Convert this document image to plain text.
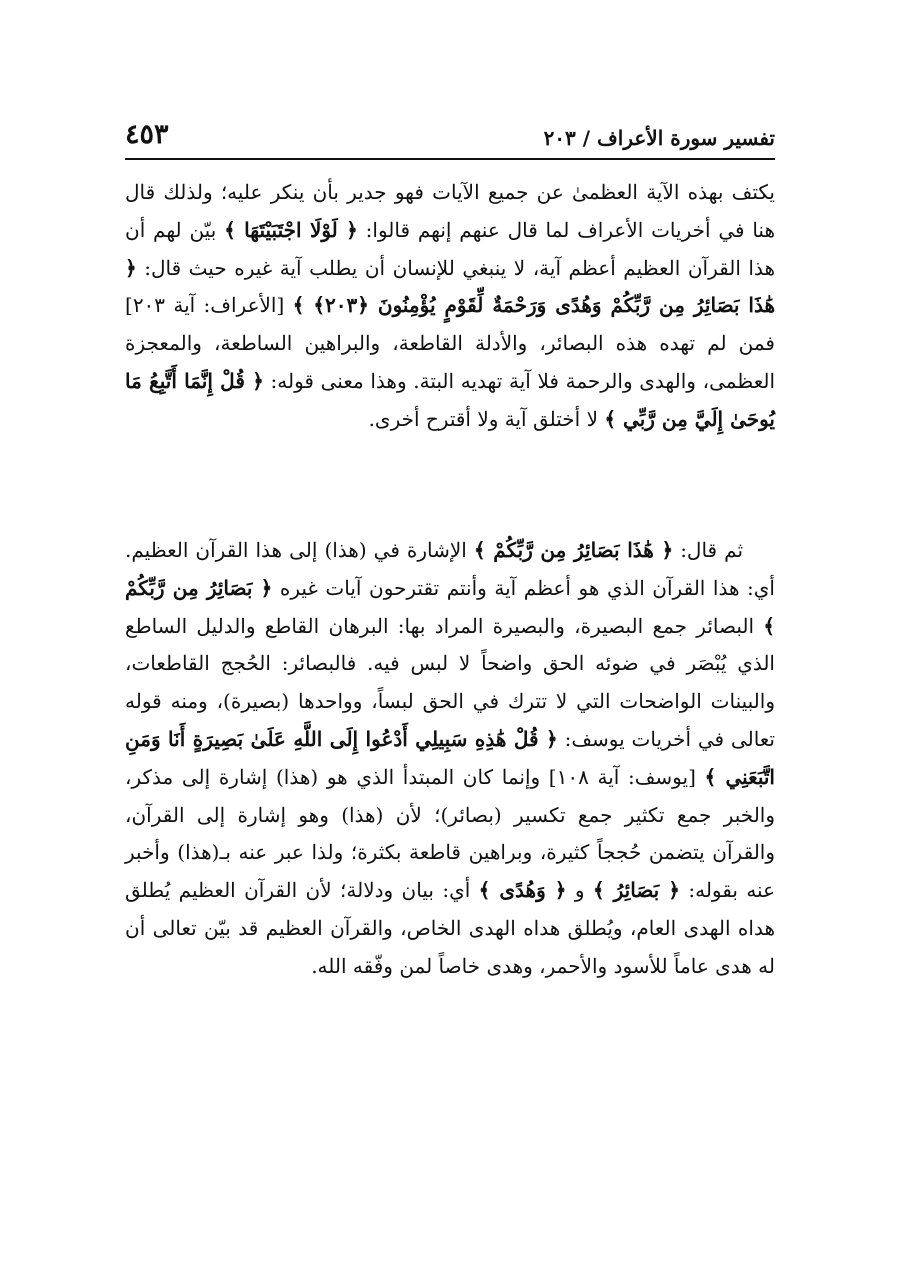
تفسير سورة الأعراف / ٢٠٣
٤٥٣

يكتف بهذه الآية العظمىٰ عن جميع الآيات فهو جدير بأن ينكر عليه؛ ولذلك قال هنا في أخريات الأعراف لما قال عنهم إنهم قالوا: ﴿ لَوْلَا اجْتَبَيْتَهَا ﴾ بيّن لهم أن هذا القرآن العظيم أعظم آية، لا ينبغي للإنسان أن يطلب آية غيره حيث قال: ﴿ هَٰذَا بَصَائِرُ مِن رَّبِّكُمْ وَهُدًى وَرَحْمَةٌ لِّقَوْمٍ يُؤْمِنُونَ ﴿٢٠٣﴾ ﴾ [الأعراف: آية ٢٠٣] فمن لم تهده هذه البصائر، والأدلة القاطعة، والبراهين الساطعة، والمعجزة العظمى، والهدى والرحمة فلا آية تهديه البتة. وهذا معنى قوله: ﴿ قُلْ إِنَّمَا أَتَّبِعُ مَا يُوحَىٰ إِلَيَّ مِن رَّبِّي ﴾ لا أختلق آية ولا أقترح أخرى.

ثم قال: ﴿ هَٰذَا بَصَائِرُ مِن رَّبِّكُمْ ﴾ الإشارة في (هذا) إلى هذا القرآن العظيم. أي: هذا القرآن الذي هو أعظم آية وأنتم تقترحون آيات غيره ﴿ بَصَائِرُ مِن رَّبِّكُمْ ﴾ البصائر جمع البصيرة، والبصيرة المراد بها: البرهان القاطع والدليل الساطع الذي يُبْصَر في ضوئه الحق واضحاً لا لبس فيه. فالبصائر: الحُجج القاطعات، والبينات الواضحات التي لا تترك في الحق لبساً، وواحدها (بصيرة)، ومنه قوله تعالى في أخريات يوسف: ﴿ قُلْ هَٰذِهِ سَبِيلِي أَدْعُوا إِلَى اللَّهِ عَلَىٰ بَصِيرَةٍ أَنَا وَمَنِ اتَّبَعَنِي ﴾ [يوسف: آية ١٠٨] وإنما كان المبتدأ الذي هو (هذا) إشارة إلى مذكر، والخبر جمع تكثير جمع تكسير (بصائر)؛ لأن (هذا) وهو إشارة إلى القرآن، والقرآن يتضمن حُججاً كثيرة، وبراهين قاطعة بكثرة؛ ولذا عبر عنه بـ(هذا) وأخبر عنه بقوله: ﴿ بَصَائِرُ ﴾ و ﴿ وَهُدًى ﴾ أي: بيان ودلالة؛ لأن القرآن العظيم يُطلق هداه الهدى العام، ويُطلق هداه الهدى الخاص، والقرآن العظيم قد بيّن تعالى أن له هدى عاماً للأسود والأحمر، وهدى خاصاً لمن وفّقه الله.
